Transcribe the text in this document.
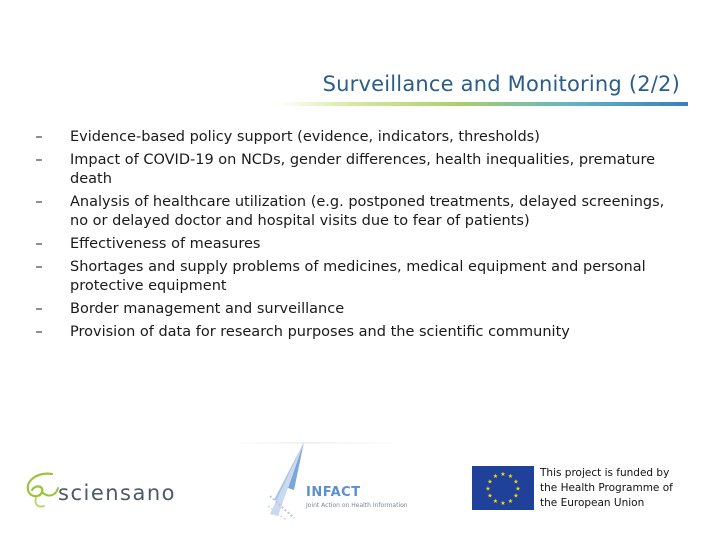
Surveillance and Monitoring (2/2)
– Evidence-based policy support (evidence, indicators, thresholds)
– Impact of COVID-19 on NCDs, gender differences, health inequalities, premature death
– Analysis of healthcare utilization (e.g. postponed treatments, delayed screenings, no or delayed doctor and hospital visits due to fear of patients)
– Effectiveness of measures
– Shortages and supply problems of medicines, medical equipment and personal protective equipment
– Border management and surveillance
– Provision of data for research purposes and the scientific community
sciensano	INFACT
Joint Action on Health Information
★ ★
★
★
★
★
★
★
★
★
★
★	This project is funded by
the Health Programme of
the European Union
